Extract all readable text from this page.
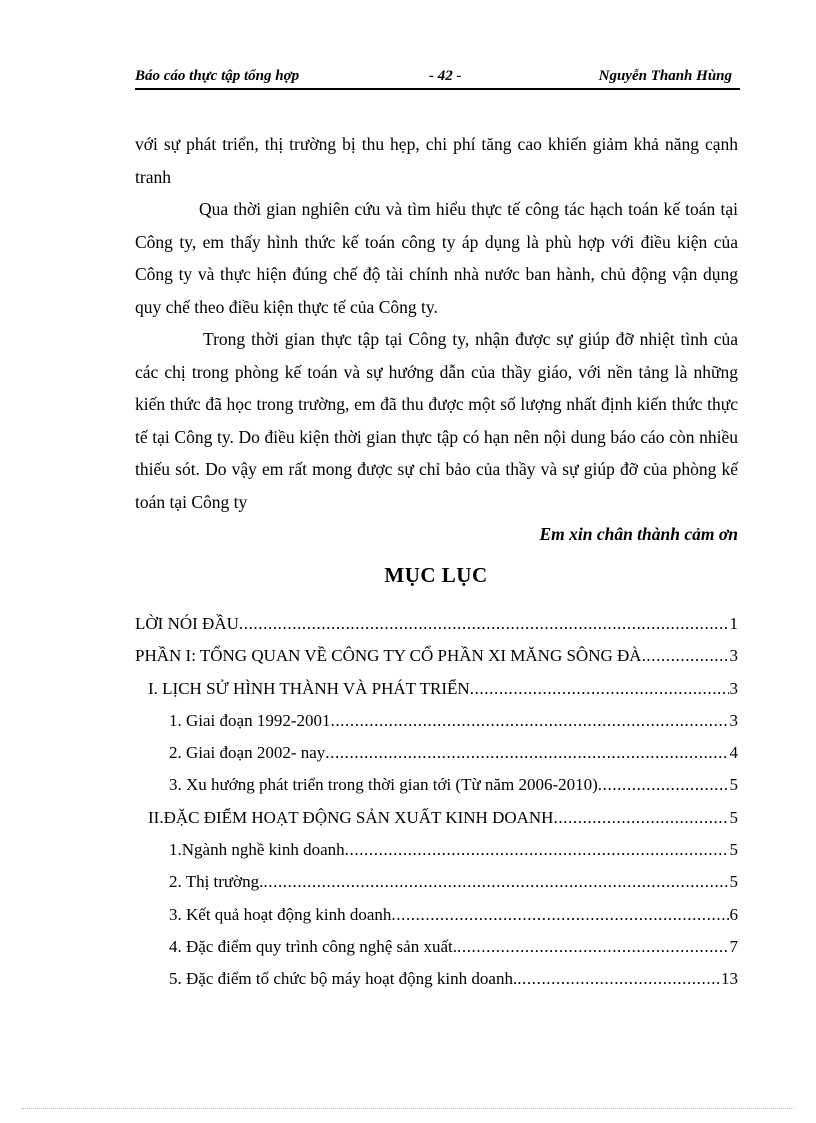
Báo cáo thực tập tổng hợp	- 42 -	Nguyễn Thanh Hùng

với sự phát triển, thị trường bị thu hẹp, chi phí tăng cao khiến giảm khả năng cạnh tranh

Qua thời gian nghiên cứu và tìm hiểu thực tế công tác hạch toán kế toán tại Công ty, em thấy hình thức kế toán công ty áp dụng là phù hợp với điều kiện của Công ty và thực hiện đúng chế độ tài chính nhà nước ban hành, chủ động vận dụng quy chế theo điều kiện thực tế của Công ty.

Trong thời gian thực tập tại Công ty, nhận được sự giúp đỡ nhiệt tình của các chị trong phòng kế toán và sự hướng dẫn của thầy giáo, với nền tảng là những kiến thức đã học trong trường, em đã thu được một số lượng nhất định kiến thức thực tế tại Công ty. Do điều kiện thời gian thực tập có hạn nên nội dung báo cáo còn nhiều thiếu sót. Do vậy em rất mong được sự chỉ bảo của thầy và sự giúp đỡ của phòng kế toán tại Công ty

Em xin chân thành cảm ơn
MỤC LỤC
LỜI NÓI ĐẦU .....	1
PHẦN I: TỔNG QUAN VỀ CÔNG TY CỔ PHẦN XI MĂNG SÔNG ĐÀ .....	3
I. LỊCH SỬ HÌNH THÀNH VÀ PHÁT TRIỂN .....	3
1. Giai đoạn 1992-2001 .....	3
2. Giai đoạn 2002- nay .....	4
3. Xu hướng phát triển trong thời gian tới (Từ năm 2006-2010) .....	5
II.ĐẶC ĐIỂM HOẠT ĐỘNG SẢN XUẤT KINH DOANH .....	5
1.Ngành nghề kinh doanh .....	5
2. Thị trường. .....	5
3. Kết quả hoạt động kinh doanh .....	6
4. Đặc điểm quy trình công nghệ sản xuất. .....	7
5. Đặc điểm tổ chức bộ máy hoạt động kinh doanh. .....	13
